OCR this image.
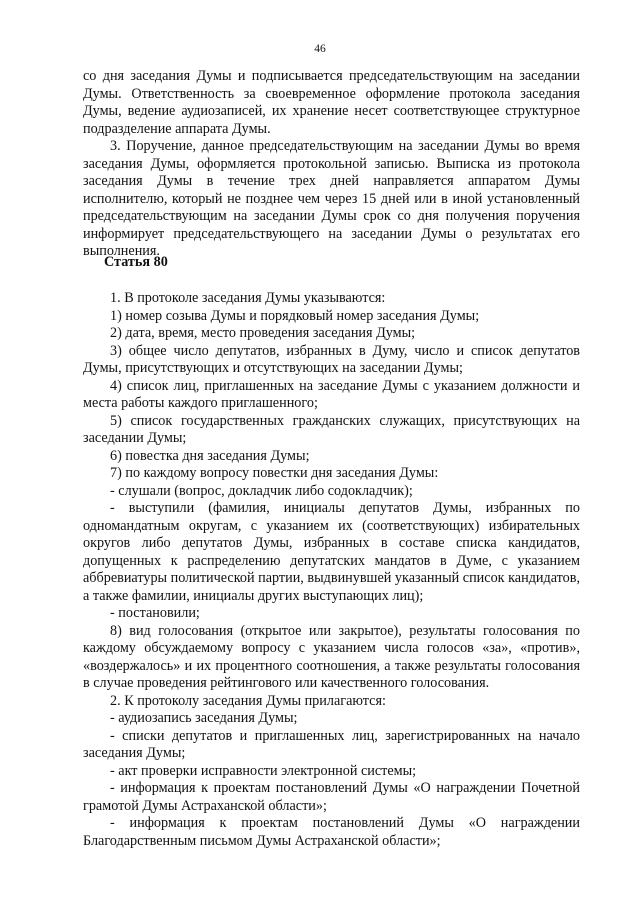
46

со дня заседания Думы и подписывается председательствующим на заседании Думы. Ответственность за своевременное оформление протокола заседания Думы, ведение аудиозаписей, их хранение несет соответствующее структурное подразделение аппарата Думы.

3. Поручение, данное председательствующим на заседании Думы во время заседания Думы, оформляется протокольной записью. Выписка из протокола заседания Думы в течение трех дней направляется аппаратом Думы исполнителю, который не позднее чем через 15 дней или в иной установленный председательствующим на заседании Думы срок со дня получения поручения информирует председательствующего на заседании Думы о результатах его выполнения.

Статья 80

1. В протоколе заседания Думы указываются:

1) номер созыва Думы и порядковый номер заседания Думы;

2) дата, время, место проведения заседания Думы;

3) общее число депутатов, избранных в Думу, число и список депутатов Думы, присутствующих и отсутствующих на заседании Думы;

4) список лиц, приглашенных на заседание Думы с указанием должности и места работы каждого приглашенного;

5) список государственных гражданских служащих, присутствующих на заседании Думы;

6) повестка дня заседания Думы;

7) по каждому вопросу повестки дня заседания Думы:

- слушали (вопрос, докладчик либо содокладчик);

- выступили (фамилия, инициалы депутатов Думы, избранных по одномандатным округам, с указанием их (соответствующих) избирательных округов либо депутатов Думы, избранных в составе списка кандидатов, допущенных к распределению депутатских мандатов в Думе, с указанием аббревиатуры политической партии, выдвинувшей указанный список кандидатов, а также фамилии, инициалы других выступающих лиц);

- постановили;

8) вид голосования (открытое или закрытое), результаты голосования по каждому обсуждаемому вопросу с указанием числа голосов «за», «против», «воздержалось» и их процентного соотношения, а также результаты голосования в случае проведения рейтингового или качественного голосования.

2. К протоколу заседания Думы прилагаются:

- аудиозапись заседания Думы;

- списки депутатов и приглашенных лиц, зарегистрированных на начало заседания Думы;

- акт проверки исправности электронной системы;

- информация к проектам постановлений Думы «О награждении Почетной грамотой Думы Астраханской области»;

- информация к проектам постановлений Думы «О награждении Благодарственным письмом Думы Астраханской области»;
